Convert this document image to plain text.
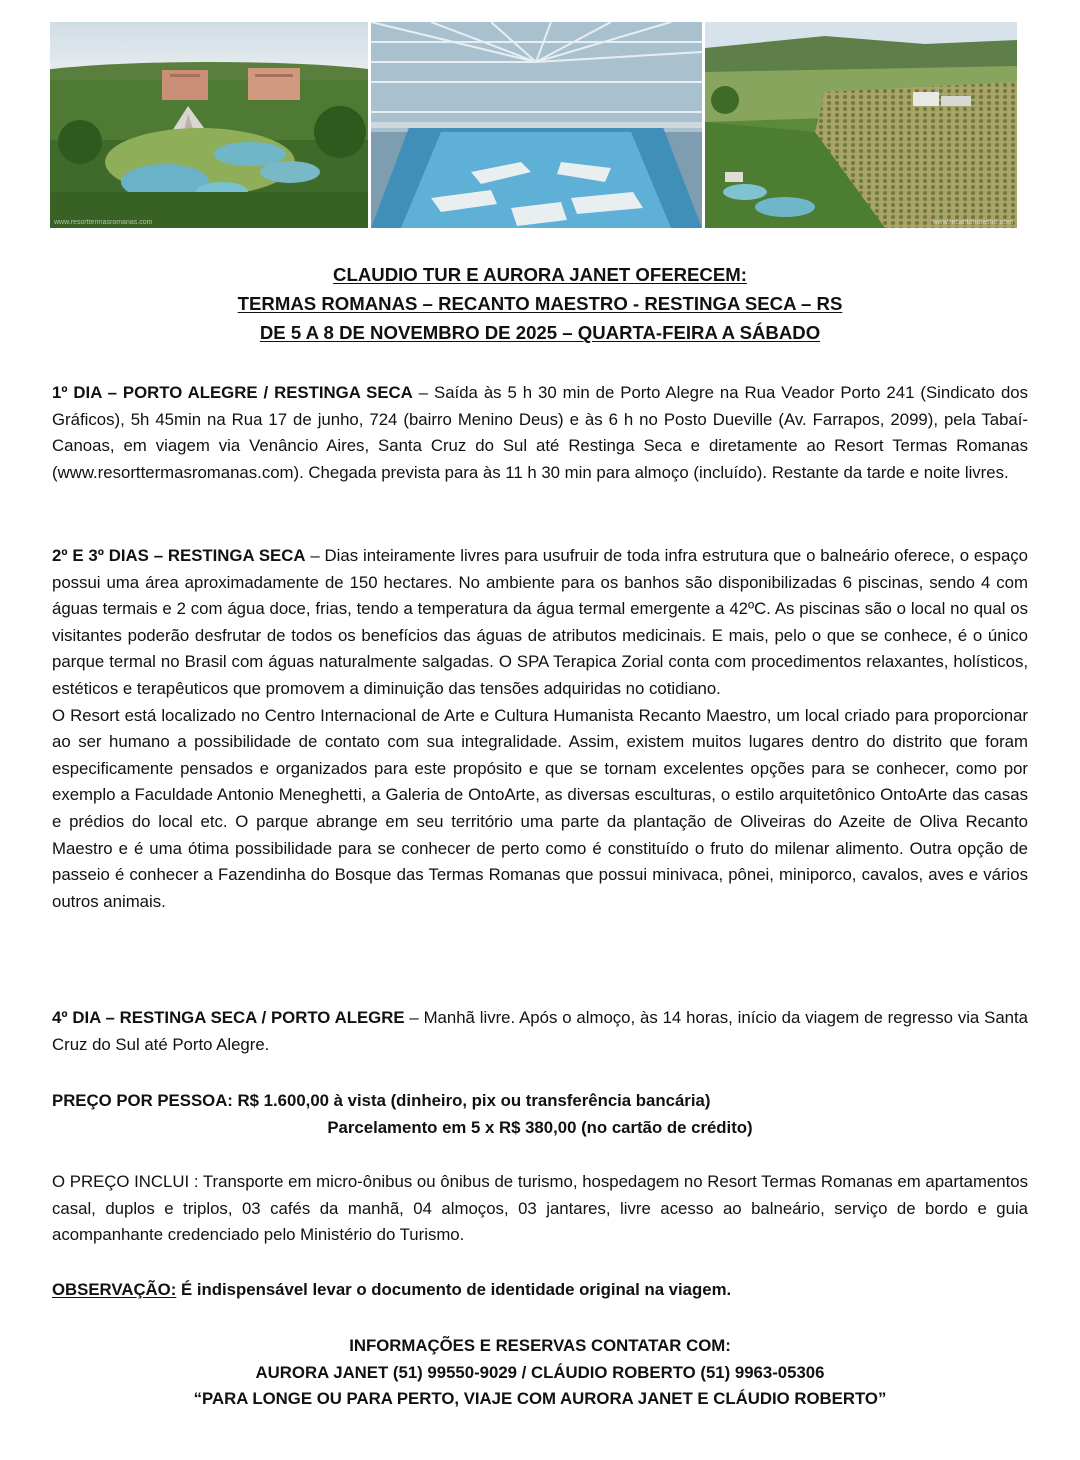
www.resorttermasromanas.com	www.recantomaestro.com
CLAUDIO TUR E AURORA JANET OFERECEM:
TERMAS ROMANAS – RECANTO MAESTRO - RESTINGA SECA – RS
DE 5 A 8 DE NOVEMBRO DE 2025 – QUARTA-FEIRA A SÁBADO

1º DIA – PORTO ALEGRE / RESTINGA SECA – Saída às 5 h 30 min de Porto Alegre na Rua Veador Porto 241 (Sindicato dos Gráficos), 5h 45min na Rua 17 de junho, 724 (bairro Menino Deus) e às 6 h no Posto Dueville (Av. Farrapos, 2099), pela Tabaí-Canoas, em viagem via Venâncio Aires, Santa Cruz do Sul até Restinga Seca e diretamente ao Resort Termas Romanas (www.resorttermasromanas.com). Chegada prevista para às 11 h 30 min para almoço (incluído). Restante da tarde e noite livres.

2º E 3º DIAS – RESTINGA SECA – Dias inteiramente livres para usufruir de toda infra estrutura que o balneário oferece, o espaço possui uma área aproximadamente de 150 hectares. No ambiente para os banhos são disponibilizadas 6 piscinas, sendo 4 com águas termais e 2 com água doce, frias, tendo a temperatura da água termal emergente a 42ºC. As piscinas são o local no qual os visitantes poderão desfrutar de todos os benefícios das águas de atributos medicinais. E mais, pelo o que se conhece, é o único parque termal no Brasil com águas naturalmente salgadas. O SPA Terapica Zorial conta com procedimentos relaxantes, holísticos, estéticos e terapêuticos que promovem a diminuição das tensões adquiridas no cotidiano.

O Resort está localizado no Centro Internacional de Arte e Cultura Humanista Recanto Maestro, um local criado para proporcionar ao ser humano a possibilidade de contato com sua integralidade. Assim, existem muitos lugares dentro do distrito que foram especificamente pensados e organizados para este propósito e que se tornam excelentes opções para se conhecer, como por exemplo a Faculdade Antonio Meneghetti, a Galeria de OntoArte, as diversas esculturas, o estilo arquitetônico OntoArte das casas e prédios do local etc. O parque abrange em seu território uma parte da plantação de Oliveiras do Azeite de Oliva Recanto Maestro e é uma ótima possibilidade para se conhecer de perto como é constituído o fruto do milenar alimento. Outra opção de passeio é conhecer a Fazendinha do Bosque das Termas Romanas que possui minivaca, pônei, miniporco, cavalos, aves e vários outros animais.

4º DIA – RESTINGA SECA / PORTO ALEGRE – Manhã livre. Após o almoço, às 14 horas, início da viagem de regresso via Santa Cruz do Sul até Porto Alegre.

PREÇO POR PESSOA: R$ 1.600,00 à vista (dinheiro, pix ou transferência bancária)
Parcelamento em 5 x R$ 380,00 (no cartão de crédito)

O PREÇO INCLUI : Transporte em micro-ônibus ou ônibus de turismo, hospedagem no Resort Termas Romanas em apartamentos casal, duplos e triplos, 03 cafés da manhã, 04 almoços, 03 jantares, livre acesso ao balneário, serviço de bordo e guia acompanhante credenciado pelo Ministério do Turismo.

OBSERVAÇÃO: É indispensável levar o documento de identidade original na viagem.
INFORMAÇÕES E RESERVAS CONTATAR COM:
AURORA JANET (51) 99550-9029 / CLÁUDIO ROBERTO (51) 9963-05306
“PARA LONGE OU PARA PERTO, VIAJE COM AURORA JANET E CLÁUDIO ROBERTO”
